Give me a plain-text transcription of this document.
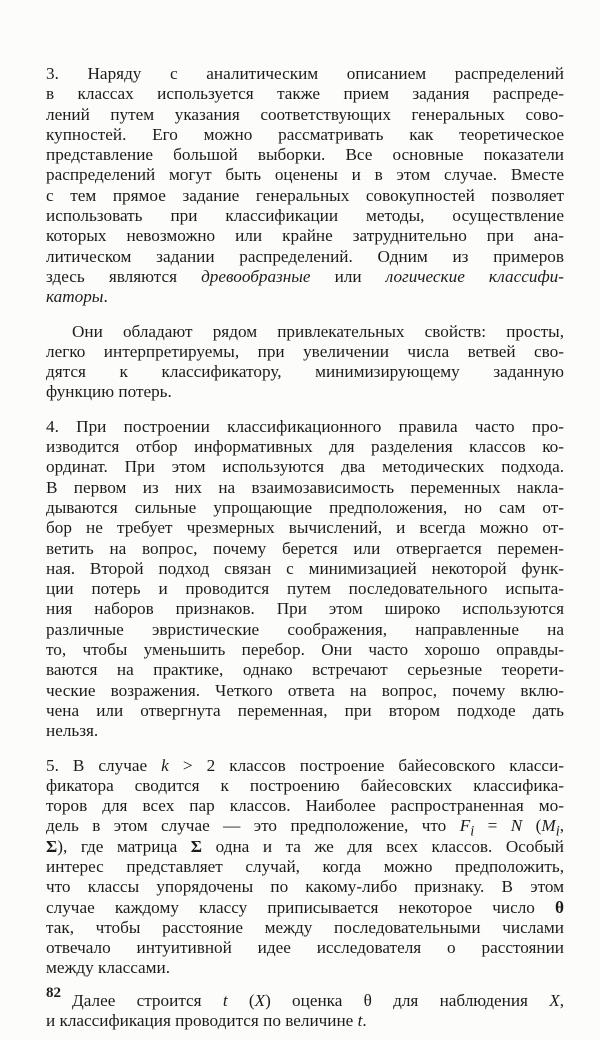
3. Наряду с аналитическим описанием распределений
в классах используется также прием задания распреде-
лений путем указания соответствующих генеральных сово-
купностей. Его можно рассматривать как теоретическое
представление большой выборки. Все основные показатели
распределений могут быть оценены и в этом случае. Вместе
с тем прямое задание генеральных совокупностей позволяет
использовать при классификации методы, осуществление
которых невозможно или крайне затруднительно при ана-
литическом задании распределений. Одним из примеров
здесь являются древообразные или логические классифи-
каторы.
Они обладают рядом привлекательных свойств: просты,
легко интерпретируемы, при увеличении числа ветвей сво-
дятся к классификатору, минимизирующему заданную
функцию потерь.
4. При построении классификационного правила часто про-
изводится отбор информативных для разделения классов ко-
ординат. При этом используются два методических подхода.
В первом из них на взаимозависимость переменных накла-
дываются сильные упрощающие предположения, но сам от-
бор не требует чрезмерных вычислений, и всегда можно от-
ветить на вопрос, почему берется или отвергается перемен-
ная. Второй подход связан с минимизацией некоторой функ-
ции потерь и проводится путем последовательного испыта-
ния наборов признаков. При этом широко используются
различные эвристические соображения, направленные на
то, чтобы уменьшить перебор. Они часто хорошо оправды-
ваются на практике, однако встречают серьезные теорети-
ческие возражения. Четкого ответа на вопрос, почему вклю-
чена или отвергнута переменная, при втором подходе дать
нельзя.
5. В случае k > 2 классов построение байесовского класси-
фикатора сводится к построению байесовских классифика-
торов для всех пар классов. Наиболее распространенная мо-
дель в этом случае — это предположение, что $F_i = N$ ($M_i$,
Σ), где матрица Σ одна и та же для всех классов. Особый
интерес представляет случай, когда можно предположить,
что классы упорядочены по какому-либо признаку. В этом
случае каждому классу приписывается некоторое число θ
так, чтобы расстояние между последовательными числами
отвечало интуитивной идее исследователя о расстоянии
между классами.
Далее строится t (X) оценка θ для наблюдения X,
и классификация проводится по величине t.
82
